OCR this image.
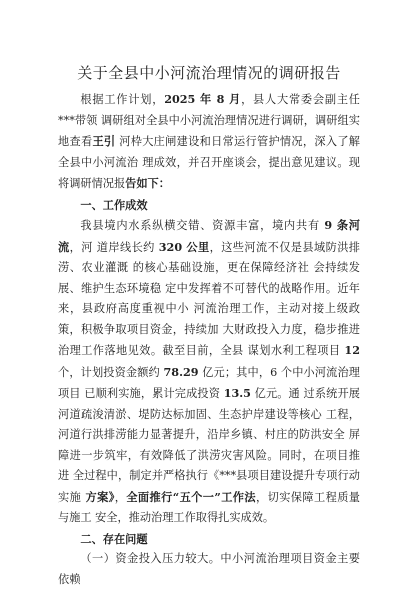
关于全县中小河流治理情况的调研报告

根据工作计划，2025 年 8 月，县人大常委会副主任***带领 调研组对全县中小河流治理情况进行调研，调研组实地查看王引 河枠大庄闸建设和日常运行管护情况，深入了解全县中小河流治 理成效，并召开座谈会，提出意见建议。现将调研情况报告如下：

一、工作成效

我县境内水系纵横交错、资源丰富，境内共有 9 条河流，河 道岸线长约 320 公里，这些河流不仅是县域防洪排涝、农业灌溉 的核心基础设施，更在保障经济社 会持续发展、维护生态环境稳 定中发挥着不可替代的战略作用。近年来，县政府高度重视中小 河流治理工作，主动对接上级政策，积极争取项目资金，持续加 大财政投入力度，稳步推进治理工作落地见效。截至目前，全县 谋划水利工程项目 12 个，计划投资金额约 78.29 亿元；其中，6 个中小河流治理项目 已顺利实施，累计完成投资 13.5 亿元。通 过系统开展河道疏浚清淤、堤防达标加固、生态护岸建设等核心 工程，河道行洪排涝能力显著提升，沿岸乡镇、村庄的防洪安全 屏障进一步筑牢，有效降低了洪涝灾害风险。同时，在项目推进 全过程中，制定并严格执行《***县项目建设提升专项行动实施 方案》，全面推行“五个一”工作法，切实保障工程质量与施工 安全，推动治理工作取得扎实成效。

二、存在问题

（一）资金投入压力较大。中小河流治理项目资金主要依赖
